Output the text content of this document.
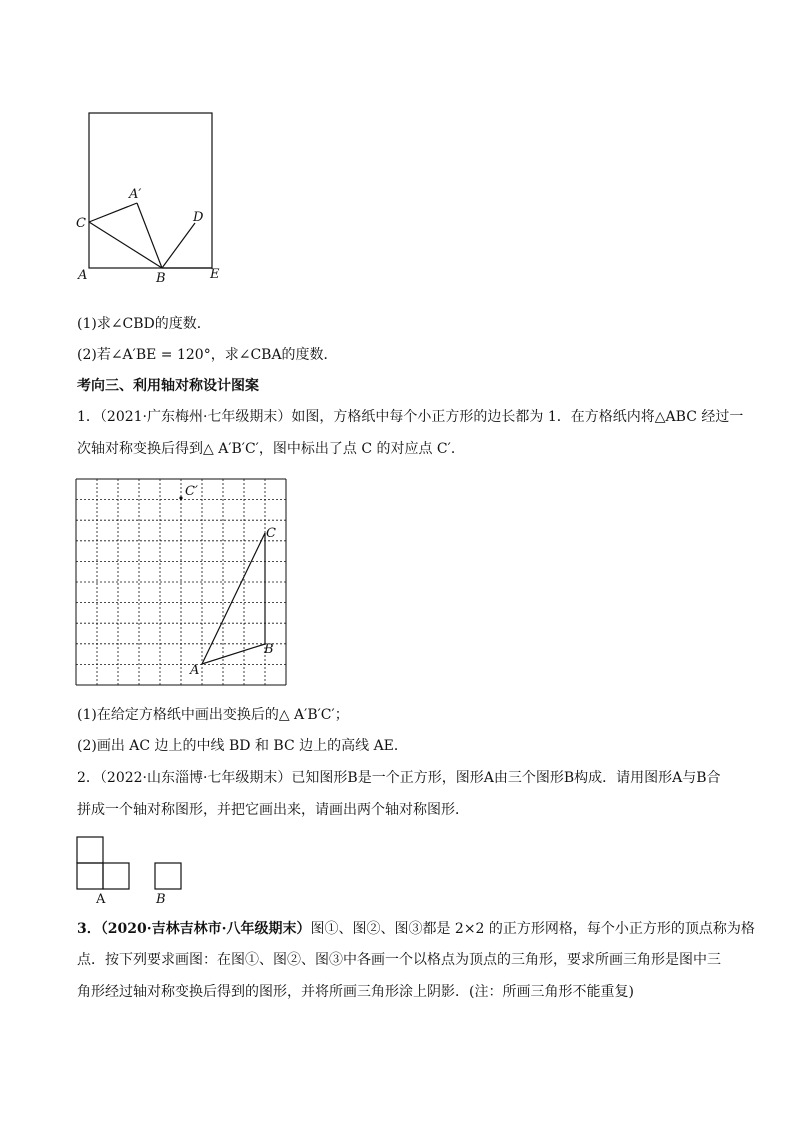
A′
C	D
A	B	E
(1)求∠CBD的度数．
(2)若∠A′BE = 120°，求∠CBA的度数．
考向三、利用轴对称设计图案
1．（2021·广东梅州·七年级期末）如图，方格纸中每个小正方形的边长都为 1．在方格纸内将△ABC 经过一
次轴对称变换后得到△ A′B′C′，图中标出了点 C 的对应点 C′．
C′
C
B
A
(1)在给定方格纸中画出变换后的△ A′B′C′；
(2)画出 AC 边上的中线 BD 和 BC 边上的高线 AE．
2．（2022·山东淄博·七年级期末）已知图形B是一个正方形，图形A由三个图形B构成．请用图形A与B合
拼成一个轴对称图形，并把它画出来，请画出两个轴对称图形．
A	B
3．（2020·吉林吉林市·八年级期末）图①、图②、图③都是 2×2 的正方形网格，每个小正方形的顶点称为格
点．按下列要求画图：在图①、图②、图③中各画一个以格点为顶点的三角形，要求所画三角形是图中三
角形经过轴对称变换后得到的图形，并将所画三角形涂上阴影．(注：所画三角形不能重复)
